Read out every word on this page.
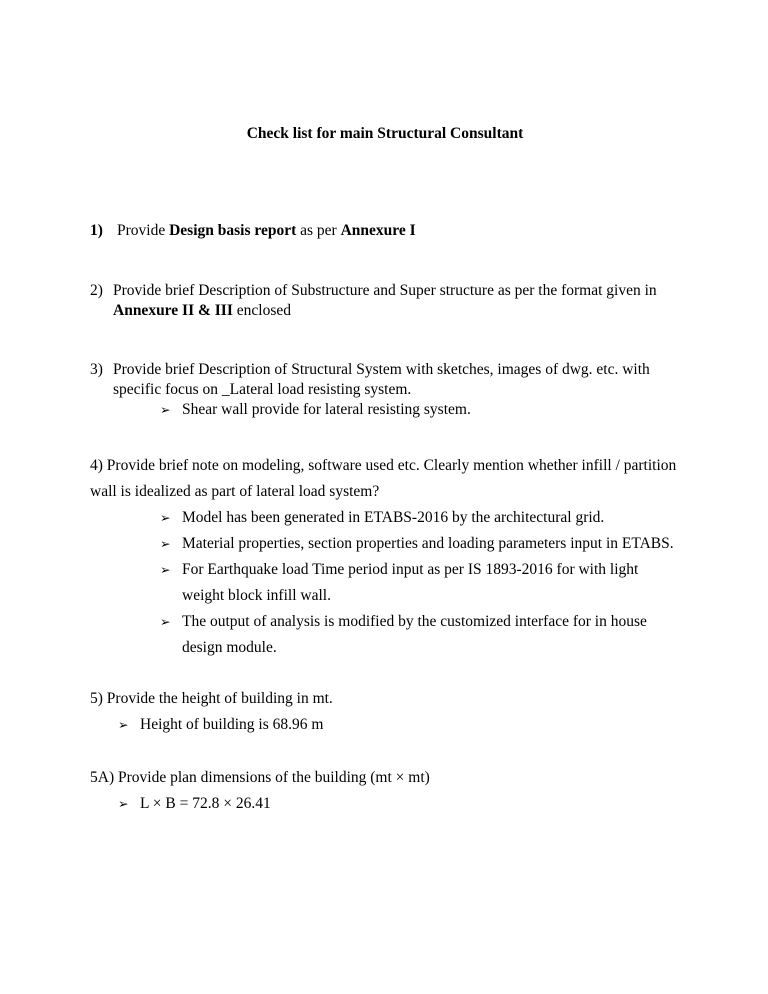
Check list for main Structural Consultant
1) Provide Design basis report as per Annexure I
2) Provide brief Description of Substructure and Super structure as per the format given in Annexure II & III enclosed
3) Provide brief Description of Structural System with sketches, images of dwg. etc. with specific focus on _Lateral load resisting system.
➢ Shear wall provide for lateral resisting system.
4) Provide brief note on modeling, software used etc. Clearly mention whether infill / partition wall is idealized as part of lateral load system?
➢ Model has been generated in ETABS-2016 by the architectural grid.
➢ Material properties, section properties and loading parameters input in ETABS.
➢ For Earthquake load Time period input as per IS 1893-2016 for with light weight block infill wall.
➢ The output of analysis is modified by the customized interface for in house design module.
5) Provide the height of building in mt.
➢ Height of building is 68.96 m
5A) Provide plan dimensions of the building (mt × mt)
➢ L × B = 72.8 × 26.41
